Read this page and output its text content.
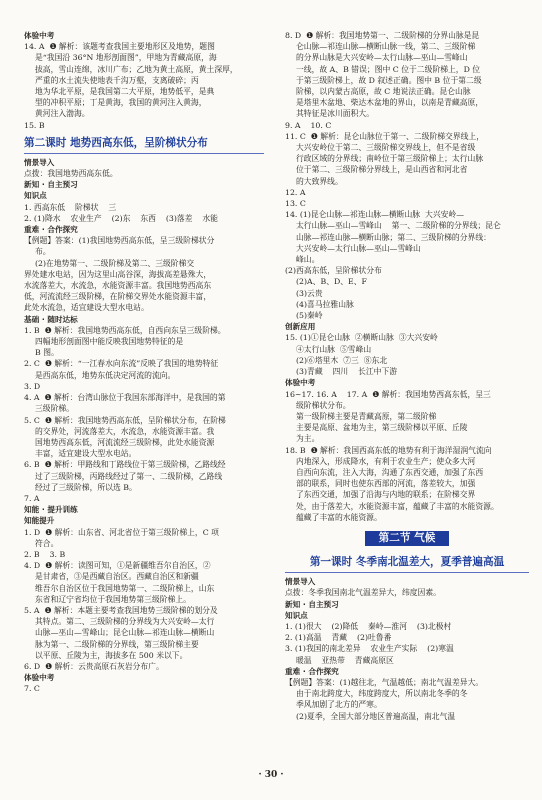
体验中考
14. A  ❶ 解析：该题考查我国主要地形区及地势，题图
是“我国沿 36°N 地形剖面图”，甲地为青藏高原，海
拔高，雪山连绵，冰川广布；乙地为黄土高原，黄土深厚，
严重的水土流失使地表千沟万壑，支离破碎；丙
地为华北平原，是我国第二大平原，地势低平，是典
型的冲积平原；丁是黄海，我国的黄河注入黄海，
黄河注入渤海。
15. B
第二课时 地势西高东低，呈阶梯状分布
情景导入
点拨：我国地势西高东低。
新知 · 自主预习
知识点
1. 西高东低    阶梯状    三
2. (1)降水    农业生产    (2)东    东西    (3)落差    水能
重难 · 合作探究
【例题】答案：(1)我国地势西高东低，呈三级阶梯状分
布。
(2)在地势第一、二级阶梯及第二、三级阶梯交
界处建水电站，因为这里山高谷深，海拔高差悬殊大，
水流落差大，水流急，水能资源丰富。我国地势西高东
低，河流流经三级阶梯，在阶梯交界处水能资源丰富，
此处水流急，适宜建设大型水电站。
基础 · 随时达标
1. B  ❶ 解析：我国地势西高东低，自西向东呈三级阶梯。
四幅地形剖面图中能反映我国地势特征的是
B 图。
2. C  ❶ 解析：“一江春水向东流”反映了我国的地势特征
是西高东低，地势东低决定河流的流向。
3. D
4. A  ❶ 解析：台湾山脉位于我国东部海洋中，是我国的第
三级阶梯。
5. C  ❶ 解析：我国地势西高东低，呈阶梯状分布，在阶梯
的交界处，河流落差大，水流急，水能资源丰富。我
国地势西高东低，河流流经三级阶梯，此处水能资源
丰富，适宜建设大型水电站。
6. B  ❶ 解析：甲路线和丁路线位于第三级阶梯，乙路线经
过了三级阶梯，丙路线经过了第一、二级阶梯，乙路线
经过了三级阶梯，所以选 B。
7. A
知能 · 提升训练
知能提升
1. D  ❶ 解析：山东省、河北省位于第三级阶梯上，C 项
符合。
2. B    3. B
4. D  ❶ 解析：读图可知，①是新疆维吾尔自治区，②
是甘肃省，③是西藏自治区。西藏自治区和新疆
维吾尔自治区位于我国地势第一、二级阶梯上，山东
东省和辽宁省均位于我国地势第三级阶梯上。
5. A  ❶ 解析：本题主要考查我国地势三级阶梯的划分及
其特点。第二、三级阶梯的分界线为大兴安岭—太行
山脉—巫山—雪峰山；昆仑山脉—祁连山脉—横断山
脉为第一、二级阶梯的分界线，第三级阶梯主要
以平原、丘陵为主，海拔多在 500 米以下。
6. D  ❶ 解析：云贵高原石灰岩分布广。
体验中考
7. C
8. D  ❶ 解析：我国地势第一、二级阶梯的分界山脉是昆
仑山脉—祁连山脉—横断山脉一线，第二、三级阶梯
的分界山脉是大兴安岭—太行山脉—巫山—雪峰山
一线，故 A、B 错误；图中 C 位于二级阶梯上，D 位
于第三级阶梯上，故 D 叙述正确。图中 B 位于第二级
阶梯，以内蒙古高原，故 C 地说法正确。昆仑山脉
是塔里木盆地、柴达木盆地的界山，以南是青藏高原，
其特征是冰川面积大。
9. A    10. C
11. C  ❶ 解析：昆仑山脉位于第一、二级阶梯交界线上，
大兴安岭位于第二、三级阶梯交界线上，但不是省级
行政区域的分界线；南岭位于第三级阶梯上；太行山脉
位于第二、三级阶梯分界线上，是山西省和河北省
的大致界线。
12. A
13. C
14. (1)昆仑山脉—祁连山脉—横断山脉  大兴安岭—
太行山脉—巫山—雪峰山    第一、二级阶梯的分界线；昆仑
山脉—祁连山脉—横断山脉；第二、三级阶梯的分界线：
大兴安岭—太行山脉—巫山—雪峰山
峰山。
(2)西高东低，呈阶梯状分布
(2)A、B、D、E、F
(3)云贵
(4)喜马拉雅山脉
(5)秦岭
创新应用
15. (1)①昆仑山脉  ②横断山脉  ③大兴安岭
④太行山脉  ⑤雪峰山
(2)⑥塔里木  ⑦三  ⑧东北
(3)青藏    四川    长江中下游
体验中考
16~17. 16. A    17. A  ❶ 解析：我国地势西高东低，呈三
级阶梯状分布。
第一级阶梯主要是青藏高原，第二级阶梯
主要是高原、盆地为主，第三级阶梯以平原、丘陵
为主。
18. B  ❶ 解析：我国西高东低的地势有利于海洋湿润气流向
内地深入，形成降水，有利于农业生产；使众多大河
自西向东流，注入大海，沟通了东西交通，加强了东西
部的联系，同时也使东西部的河流，落差较大，加强
了东西交通，加强了沿海与内地的联系；在阶梯交界
处，由于落差大，水能资源丰富，蕴藏了丰富的水能资源。
蕴藏了丰富的水能资源。
第二节 气候
第一课时 冬季南北温差大，夏季普遍高温
情景导入
点拨：冬季我国南北气温差异大，纬度因素。
新知 · 自主预习
知识点
1. (1)很大    (2)降低    秦岭—淮河    (3)北极村
2. (1)高温    青藏    (2)吐鲁番
3. (1)我国的南北差异    农业生产实际    (2)寒温
暖温    亚热带    青藏高原区
重难 · 合作探究
【例题】答案：(1)越往北，气温越低；南北气温差异大。
由于南北跨度大，纬度跨度大，所以南北冬季的冬
季风加剧了北方的严寒。
(2)夏季，全国大部分地区普遍高温，南北气温
· 30 ·
